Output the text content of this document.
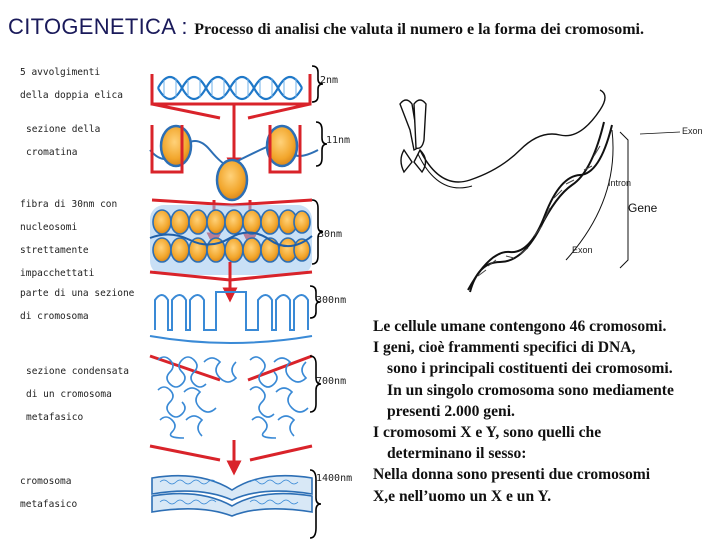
CITOGENETICA : Processo di analisi che valuta il numero e la forma dei cromosomi.
5 avvolgimenti
della doppia elica
sezione della
cromatina
fibra di 30nm con
nucleosomi
strettamente
impacchettati
parte di una sezione
di cromosoma
sezione condensata
di un cromosoma
metafasico
cromosoma
metafasico
2nm
11nm
30nm
300nm
700nm
1400nm
Exon
Intron
Exon
Gene

Le cellule umane contengono 46 cromosomi.

I geni, cioè frammenti specifici di DNA,

sono i principali costituenti dei cromosomi.

In un singolo cromosoma sono mediamente

presenti 2.000 geni.

I cromosomi X e Y, sono quelli che

determinano il sesso:

Nella donna sono presenti due cromosomi

X,e nell’uomo un X e un Y.
